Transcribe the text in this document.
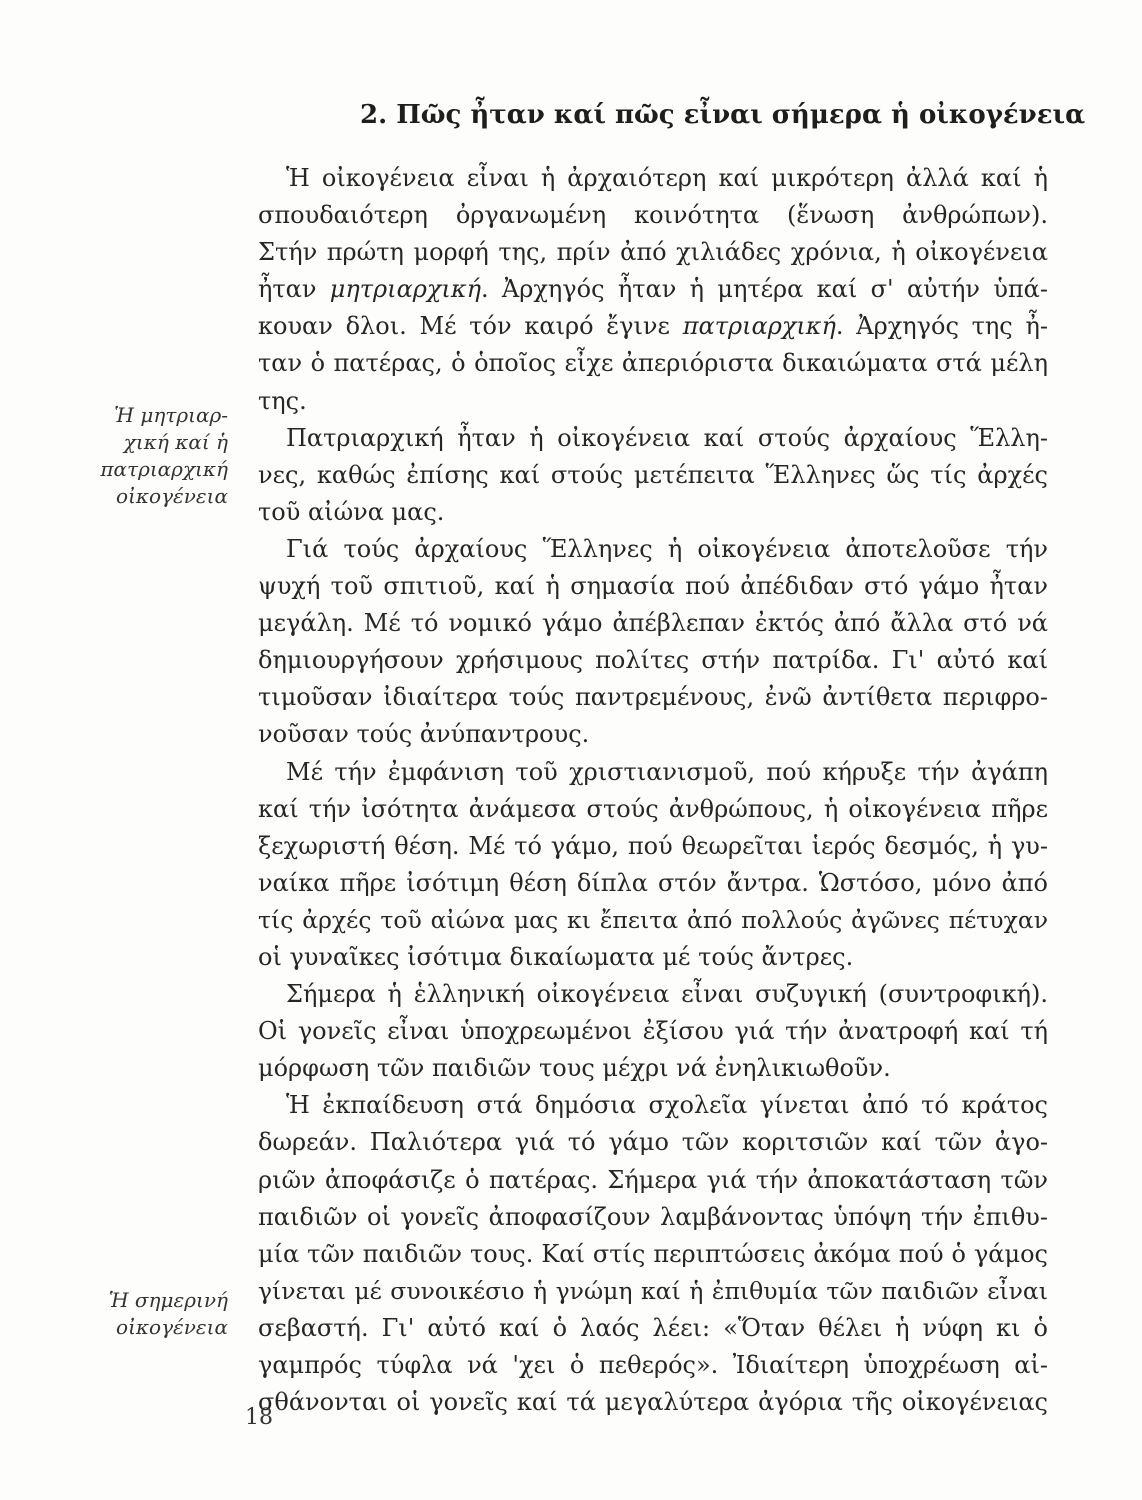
2. Πῶς ἦταν καί πῶς εἶναι σήμερα ἡ οἰκογένεια
Ἡ μητριαρ-
χική καί ἡ
πατριαρχική
οἰκογένεια
Ἡ σημερινή
οἰκογένεια
Ἡ οἰκογένεια εἶναι ἡ ἀρχαιότερη καί μικρότερη ἀλλά καί ἡ
σπουδαιότερη ὀργανωμένη κοινότητα (ἕνωση ἀνθρώπων).
Στήν πρώτη μορφή της, πρίν ἀπό χιλιάδες χρόνια, ἡ οἰκογένεια
ἦταν μητριαρχική. Ἀρχηγός ἦταν ἡ μητέρα καί σ' αὐτήν ὑπά-
κουαν δλοι. Μέ τόν καιρό ἔγινε πατριαρχική. Ἀρχηγός της ἦ-
ταν ὁ πατέρας, ὁ ὁποῖος εἶχε ἀπεριόριστα δικαιώματα στά μέλη
της.
Πατριαρχική ἦταν ἡ οἰκογένεια καί στούς ἀρχαίους Ἕλλη-
νες, καθώς ἐπίσης καί στούς μετέπειτα Ἕλληνες ὥς τίς ἀρχές
τοῦ αἰώνα μας.
Γιά τούς ἀρχαίους Ἕλληνες ἡ οἰκογένεια ἀποτελοῦσε τήν
ψυχή τοῦ σπιτιοῦ, καί ἡ σημασία πού ἀπέδιδαν στό γάμο ἦταν
μεγάλη. Μέ τό νομικό γάμο ἀπέβλεπαν ἐκτός ἀπό ἄλλα στό νά
δημιουργήσουν χρήσιμους πολίτες στήν πατρίδα. Γι' αὐτό καί
τιμοῦσαν ἰδιαίτερα τούς παντρεμένους, ἐνῶ ἀντίθετα περιφρο-
νοῦσαν τούς ἀνύπαντρους.
Μέ τήν ἐμφάνιση τοῦ χριστιανισμοῦ, πού κήρυξε τήν ἀγάπη
καί τήν ἰσότητα ἀνάμεσα στούς ἀνθρώπους, ἡ οἰκογένεια πῆρε
ξεχωριστή θέση. Μέ τό γάμο, πού θεωρεῖται ἱερός δεσμός, ἡ γυ-
ναίκα πῆρε ἰσότιμη θέση δίπλα στόν ἄντρα. Ὡστόσο, μόνο ἀπό
τίς ἀρχές τοῦ αἰώνα μας κι ἔπειτα ἀπό πολλούς ἀγῶνες πέτυχαν
οἱ γυναῖκες ἰσότιμα δικαίωματα μέ τούς ἄντρες.
Σήμερα ἡ ἑλληνική οἰκογένεια εἶναι συζυγική (συντροφική).
Οἱ γονεῖς εἶναι ὑποχρεωμένοι ἐξίσου γιά τήν ἀνατροφή καί τή
μόρφωση τῶν παιδιῶν τους μέχρι νά ἐνηλικιωθοῦν.
Ἡ ἐκπαίδευση στά δημόσια σχολεῖα γίνεται ἀπό τό κράτος
δωρεάν. Παλιότερα γιά τό γάμο τῶν κοριτσιῶν καί τῶν ἀγο-
ριῶν ἀποφάσιζε ὁ πατέρας. Σήμερα γιά τήν ἀποκατάσταση τῶν
παιδιῶν οἱ γονεῖς ἀποφασίζουν λαμβάνοντας ὑπόψη τήν ἐπιθυ-
μία τῶν παιδιῶν τους. Καί στίς περιπτώσεις ἀκόμα πού ὁ γάμος
γίνεται μέ συνοικέσιο ἡ γνώμη καί ἡ ἐπιθυμία τῶν παιδιῶν εἶναι
σεβαστή. Γι' αὐτό καί ὁ λαός λέει: «Ὅταν θέλει ἡ νύφη κι ὁ
γαμπρός τύφλα νά 'χει ὁ πεθερός». Ἰδιαίτερη ὑποχρέωση αἰ-
σθάνονται οἱ γονεῖς καί τά μεγαλύτερα ἀγόρια τῆς οἰκογένειας
18
